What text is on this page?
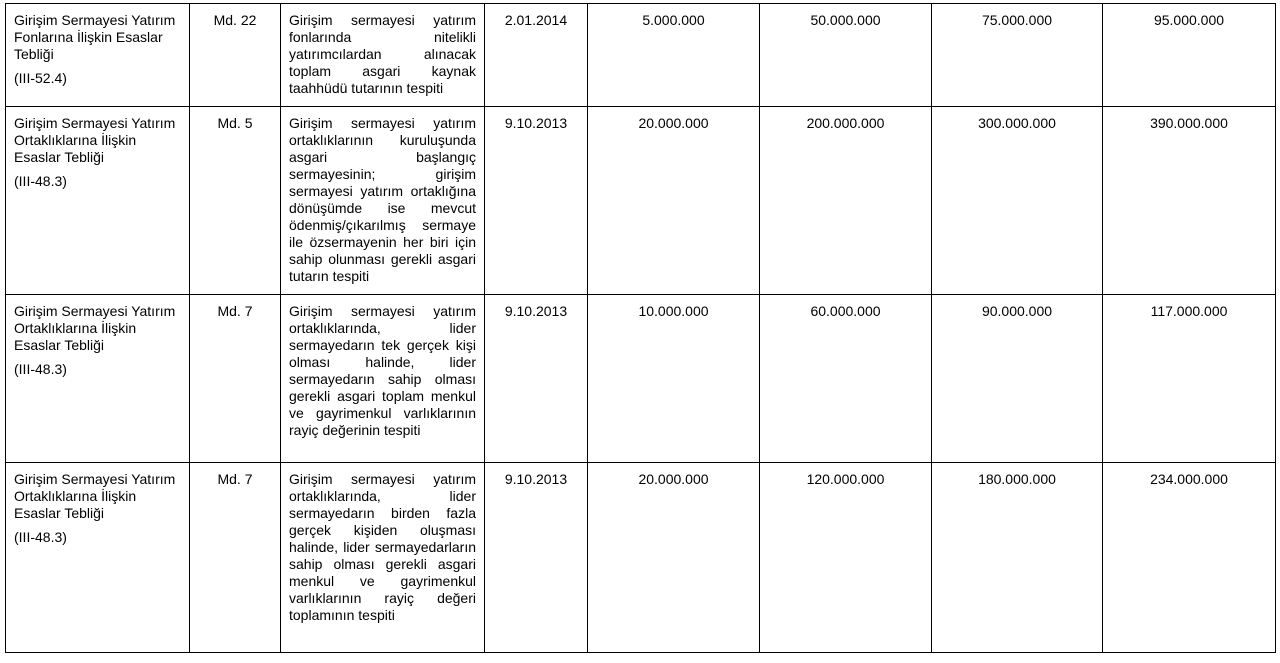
Girişim Sermayesi Yatırım Fonlarına İlişkin Esaslar Tebliği
(III-52.4)	Md. 22	Girişim sermayesi yatırım fonlarında nitelikli yatırımcılardan alınacak toplam asgari kaynak taahhüdü tutarının tespiti	2.01.2014	5.000.000	50.000.000	75.000.000	95.000.000

Girişim Sermayesi Yatırım Ortaklıklarına İlişkin Esaslar Tebliği
(III-48.3)	Md. 5	Girişim sermayesi yatırım ortaklıklarının kuruluşunda asgari başlangıç sermayesinin; girişim sermayesi yatırım ortaklığına dönüşümde ise mevcut ödenmiş/çıkarılmış sermaye ile özsermayenin her biri için sahip olunması gerekli asgari tutarın tespiti	9.10.2013	20.000.000	200.000.000	300.000.000	390.000.000

Girişim Sermayesi Yatırım Ortaklıklarına İlişkin Esaslar Tebliği
(III-48.3)	Md. 7	Girişim sermayesi yatırım ortaklıklarında, lider sermayedarın tek gerçek kişi olması halinde, lider sermayedarın sahip olması gerekli asgari toplam menkul ve gayrimenkul varlıklarının rayiç değerinin tespiti	9.10.2013	10.000.000	60.000.000	90.000.000	117.000.000

Girişim Sermayesi Yatırım Ortaklıklarına İlişkin Esaslar Tebliği
(III-48.3)	Md. 7	Girişim sermayesi yatırım ortaklıklarında, lider sermayedarın birden fazla gerçek kişiden oluşması halinde, lider sermayedarların sahip olması gerekli asgari menkul ve gayrimenkul varlıklarının rayiç değeri toplamının tespiti	9.10.2013	20.000.000	120.000.000	180.000.000	234.000.000
